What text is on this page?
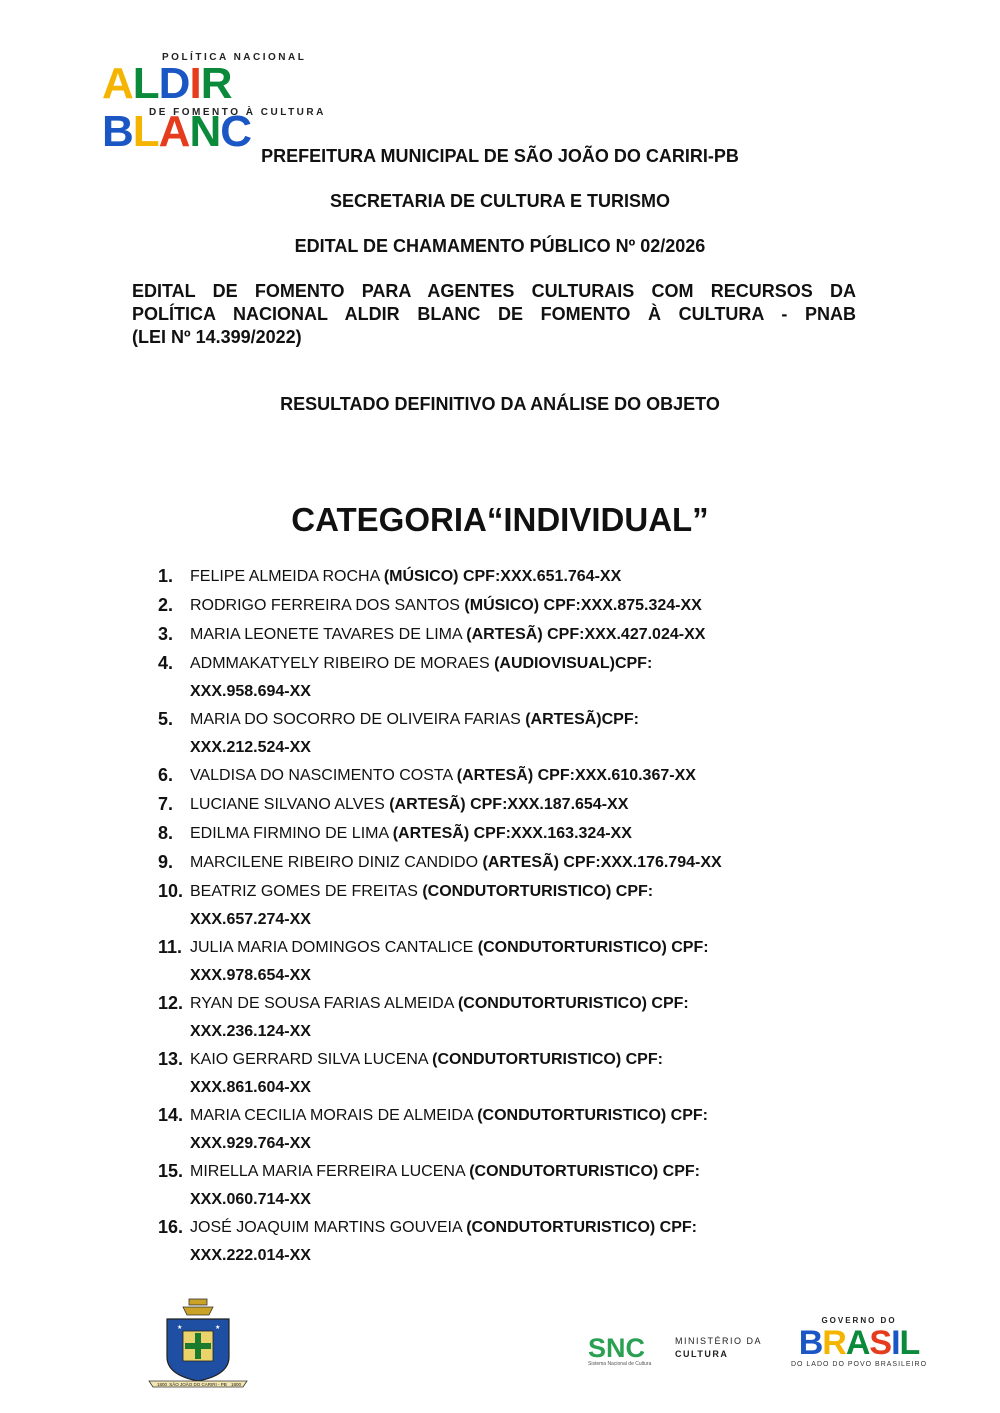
POLÍTICA NACIONAL
ALDIR BLANC
DE FOMENTO À CULTURA
PREFEITURA MUNICIPAL DE SÃO JOÃO DO CARIRI-PB
SECRETARIA DE CULTURA E TURISMO
EDITAL DE CHAMAMENTO PÚBLICO Nº 02/2026
EDITAL DE FOMENTO PARA AGENTES CULTURAIS COM RECURSOS DA
POLÍTICA NACIONAL ALDIR BLANC DE FOMENTO À CULTURA - PNAB
(LEI Nº 14.399/2022)
RESULTADO DEFINITIVO DA ANÁLISE DO OBJETO
CATEGORIA“INDIVIDUAL”
1. FELIPE ALMEIDA ROCHA (MÚSICO) CPF:XXX.651.764-XX
2. RODRIGO FERREIRA DOS SANTOS (MÚSICO) CPF:XXX.875.324-XX
3. MARIA LEONETE TAVARES DE LIMA (ARTESÃ) CPF:XXX.427.024-XX
4. ADMMAKATYELY RIBEIRO DE MORAES (AUDIOVISUAL)CPF:
XXX.958.694-XX
5. MARIA DO SOCORRO DE OLIVEIRA FARIAS (ARTESÃ)CPF:
XXX.212.524-XX
6. VALDISA DO NASCIMENTO COSTA (ARTESÃ) CPF:XXX.610.367-XX
7. LUCIANE SILVANO ALVES (ARTESÃ) CPF:XXX.187.654-XX
8. EDILMA FIRMINO DE LIMA (ARTESÃ) CPF:XXX.163.324-XX
9. MARCILENE RIBEIRO DINIZ CANDIDO (ARTESÃ) CPF:XXX.176.794-XX
10. BEATRIZ GOMES DE FREITAS (CONDUTORTURISTICO) CPF:
XXX.657.274-XX
11. JULIA MARIA DOMINGOS CANTALICE (CONDUTORTURISTICO) CPF:
XXX.978.654-XX
12. RYAN DE SOUSA FARIAS ALMEIDA (CONDUTORTURISTICO) CPF:
XXX.236.124-XX
13. KAIO GERRARD SILVA LUCENA (CONDUTORTURISTICO) CPF:
XXX.861.604-XX
14. MARIA CECILIA MORAIS DE ALMEIDA (CONDUTORTURISTICO) CPF:
XXX.929.764-XX
15. MIRELLA MARIA FERREIRA LUCENA (CONDUTORTURISTICO) CPF:
XXX.060.714-XX
16. JOSÉ JOAQUIM MARTINS GOUVEIA (CONDUTORTURISTICO) CPF:
XXX.222.014-XX
★	★
SÃO JOÃO DO CARIRI - PB
1800	1800
SNC
Sistema Nacional de Cultura
MINISTÉRIO DA
CULTURA
GOVERNO DO
BRASIL
DO LADO DO POVO BRASILEIRO
